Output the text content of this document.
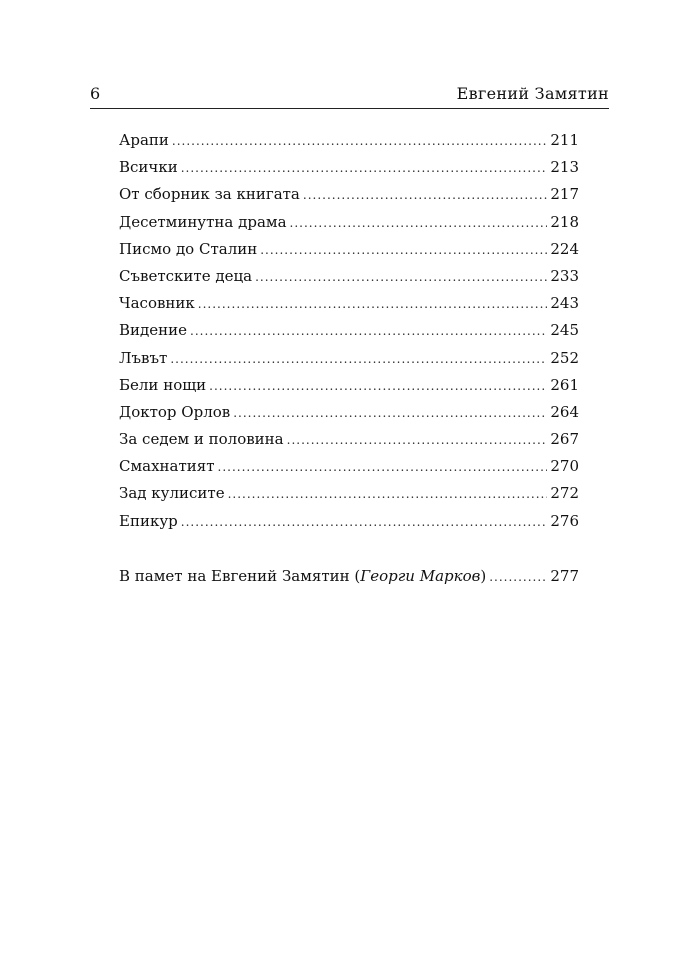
6	Евгений Замятин
Арапи .....	211
Всички .....	213
От сборник за книгата .....	217
Десетминутна драма .....	218
Писмо до Сталин .....	224
Съветските деца .....	233
Часовник .....	243
Видение .....	245
Лъвът .....	252
Бели нощи .....	261
Доктор Орлов .....	264
За седем и половина .....	267
Смахнатият .....	270
Зад кулисите .....	272
Епикур .....	276
В памет на Евгений Замятин (Георги Марков) .....	277
